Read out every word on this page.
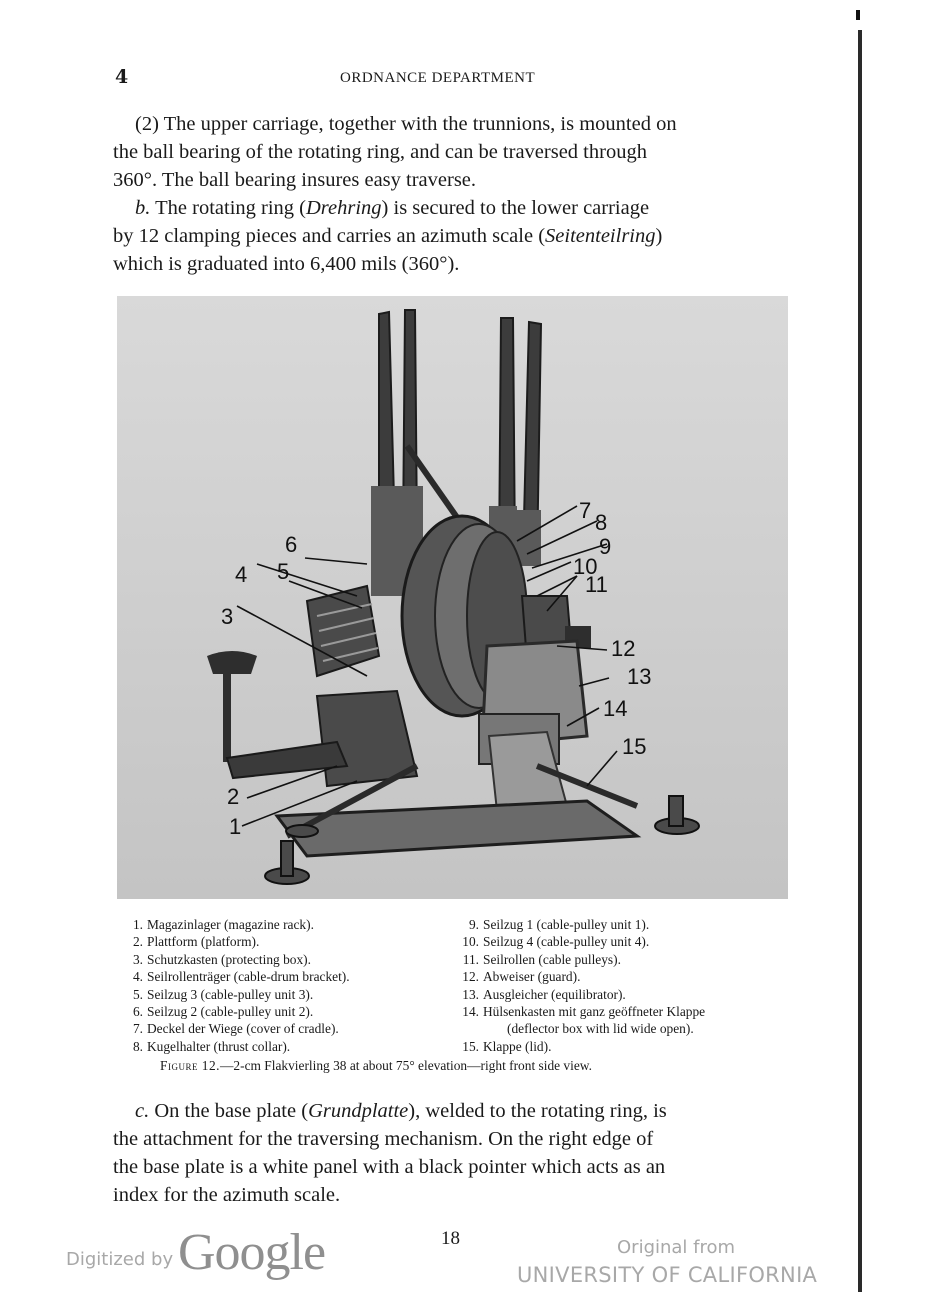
4	ORDNANCE DEPARTMENT
(2) The upper carriage, together with the trunnions, is mounted on
the ball bearing of the rotating ring, and can be traversed through
360°. The ball bearing insures easy traverse.
b. The rotating ring (Drehring) is secured to the lower carriage
by 12 clamping pieces and carries an azimuth scale (Seitenteilring)
which is graduated into 6,400 mils (360°).
6
4 5
3
2
1
7 8
9
10
11
12
13
14
15
1. Magazinlager (magazine rack).
2. Plattform (platform).
3. Schutzkasten (protecting box).
4. Seilrollenträger (cable-drum bracket).
5. Seilzug 3 (cable-pulley unit 3).
6. Seilzug 2 (cable-pulley unit 2).
7. Deckel der Wiege (cover of cradle).
8. Kugelhalter (thrust collar).
9. Seilzug 1 (cable-pulley unit 1).
10. Seilzug 4 (cable-pulley unit 4).
11. Seilrollen (cable pulleys).
12. Abweiser (guard).
13. Ausgleicher (equilibrator).
14. Hülsenkasten mit ganz geöffneter Klappe
(deflector box with lid wide open).
15. Klappe (lid).
Figure 12.—2-cm Flakvierling 38 at about 75° elevation—right front side view.
c. On the base plate (Grundplatte), welded to the rotating ring, is
the attachment for the traversing mechanism. On the right edge of
the base plate is a white panel with a black pointer which acts as an
index for the azimuth scale.
18
Digitized by Google	Original from
UNIVERSITY OF CALIFORNIA
